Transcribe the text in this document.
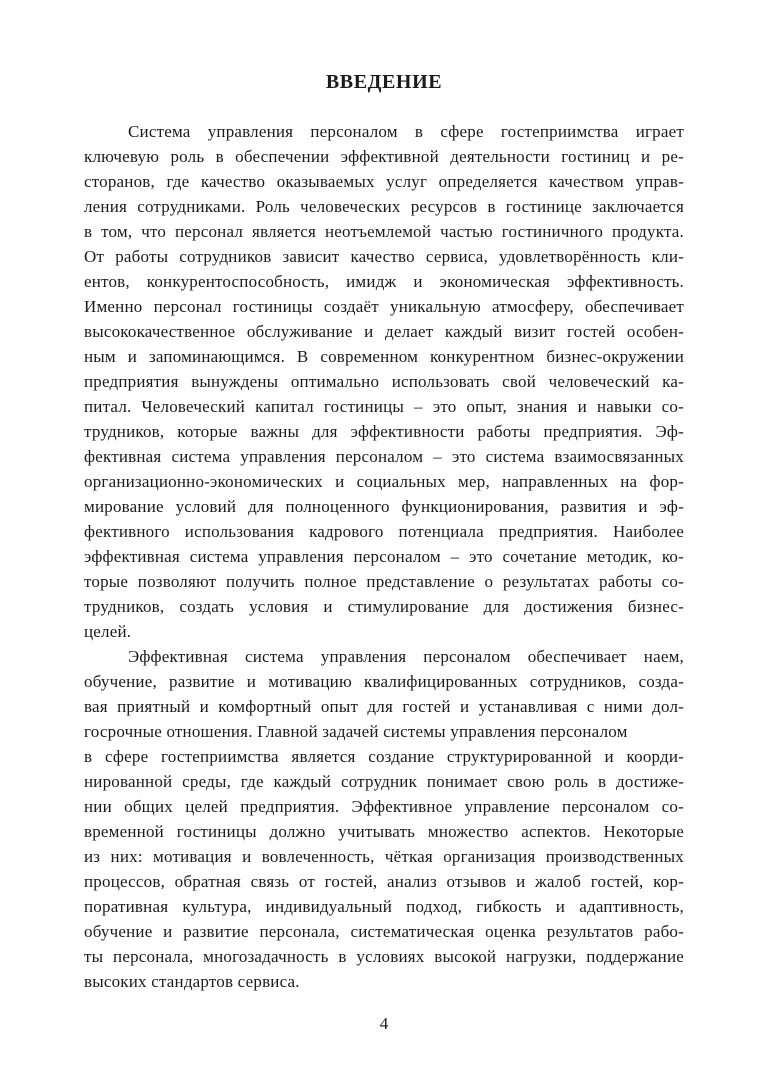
ВВЕДЕНИЕ
Система управления персоналом в сфере гостеприимства играет
ключевую роль в обеспечении эффективной деятельности гостиниц и ре-
сторанов, где качество оказываемых услуг определяется качеством управ-
ления сотрудниками. Роль человеческих ресурсов в гостинице заключается
в том, что персонал является неотъемлемой частью гостиничного продукта.
От работы сотрудников зависит качество сервиса, удовлетворённость кли-
ентов, конкурентоспособность, имидж и экономическая эффективность.
Именно персонал гостиницы создаёт уникальную атмосферу, обеспечивает
высококачественное обслуживание и делает каждый визит гостей особен-
ным и запоминающимся. В современном конкурентном бизнес-окружении
предприятия вынуждены оптимально использовать свой человеческий ка-
питал. Человеческий капитал гостиницы – это опыт, знания и навыки со-
трудников, которые важны для эффективности работы предприятия. Эф-
фективная система управления персоналом – это система взаимосвязанных
организационно-экономических и социальных мер, направленных на фор-
мирование условий для полноценного функционирования, развития и эф-
фективного использования кадрового потенциала предприятия. Наиболее
эффективная система управления персоналом – это сочетание методик, ко-
торые позволяют получить полное представление о результатах работы со-
трудников, создать условия и стимулирование для достижения бизнес-
целей.
Эффективная система управления персоналом обеспечивает наем,
обучение, развитие и мотивацию квалифицированных сотрудников, созда-
вая приятный и комфортный опыт для гостей и устанавливая с ними дол-
госрочные отношения. Главной задачей системы управления персоналом
в сфере гостеприимства является создание структурированной и коорди-
нированной среды, где каждый сотрудник понимает свою роль в достиже-
нии общих целей предприятия. Эффективное управление персоналом со-
временной гостиницы должно учитывать множество аспектов. Некоторые
из них: мотивация и вовлеченность, чёткая организация производственных
процессов, обратная связь от гостей, анализ отзывов и жалоб гостей, кор-
поративная культура, индивидуальный подход, гибкость и адаптивность,
обучение и развитие персонала, систематическая оценка результатов рабо-
ты персонала, многозадачность в условиях высокой нагрузки, поддержание
высоких стандартов сервиса.
4
